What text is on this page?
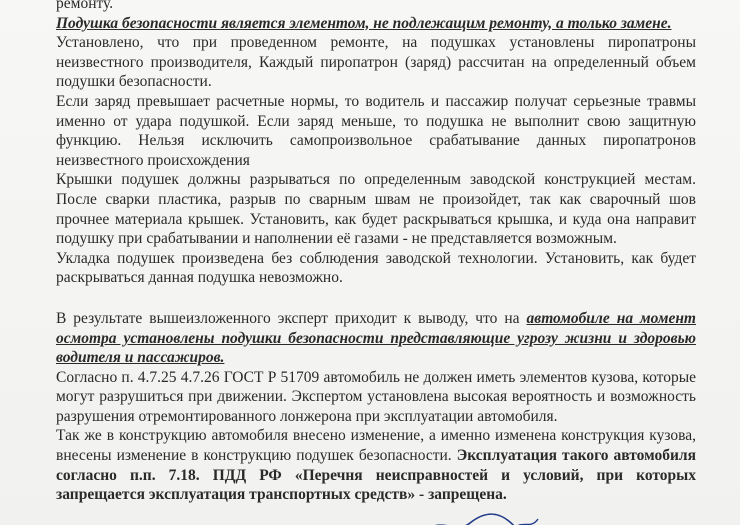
ремонту.

Подушка безопасности является элементом, не подлежащим ремонту, а только замене.

Установлено, что при проведенном ремонте, на подушках установлены пиропатроны неизвестного производителя, Каждый пиропатрон (заряд) рассчитан на определенный объем подушки безопасности.

Если заряд превышает расчетные нормы, то водитель и пассажир получат серьезные травмы именно от удара подушкой. Если заряд меньше, то подушка не выполнит свою защитную функцию. Нельзя исключить самопроизвольное срабатывание данных пиропатронов неизвестного происхождения

Крышки подушек должны разрываться по определенным заводской конструкцией местам. После сварки пластика, разрыв по сварным швам не произойдет, так как сварочный шов прочнее материала крышек. Установить, как будет раскрываться крышка, и куда она направит подушку при срабатывании и наполнении её газами - не представляется возможным.

Укладка подушек произведена без соблюдения заводской технологии. Установить, как будет раскрываться данная подушка невозможно.

В результате вышеизложенного эксперт приходит к выводу, что на автомобиле на момент осмотра установлены подушки безопасности представляющие угрозу жизни и здоровью водителя и пассажиров.

Согласно п. 4.7.25 4.7.26 ГОСТ Р 51709 автомобиль не должен иметь элементов кузова, которые могут разрушиться при движении. Экспертом установлена высокая вероятность и возможность разрушения отремонтированного лонжерона при эксплуатации автомобиля.

Так же в конструкцию автомобиля внесено изменение, а именно изменена конструкция кузова, внесены изменение в конструкцию подушек безопасности. Эксплуатация такого автомобиля согласно п.п. 7.18. ПДД РФ «Перечня неисправностей и условий, при которых запрещается эксплуатация транспортных средств» - запрещена.
